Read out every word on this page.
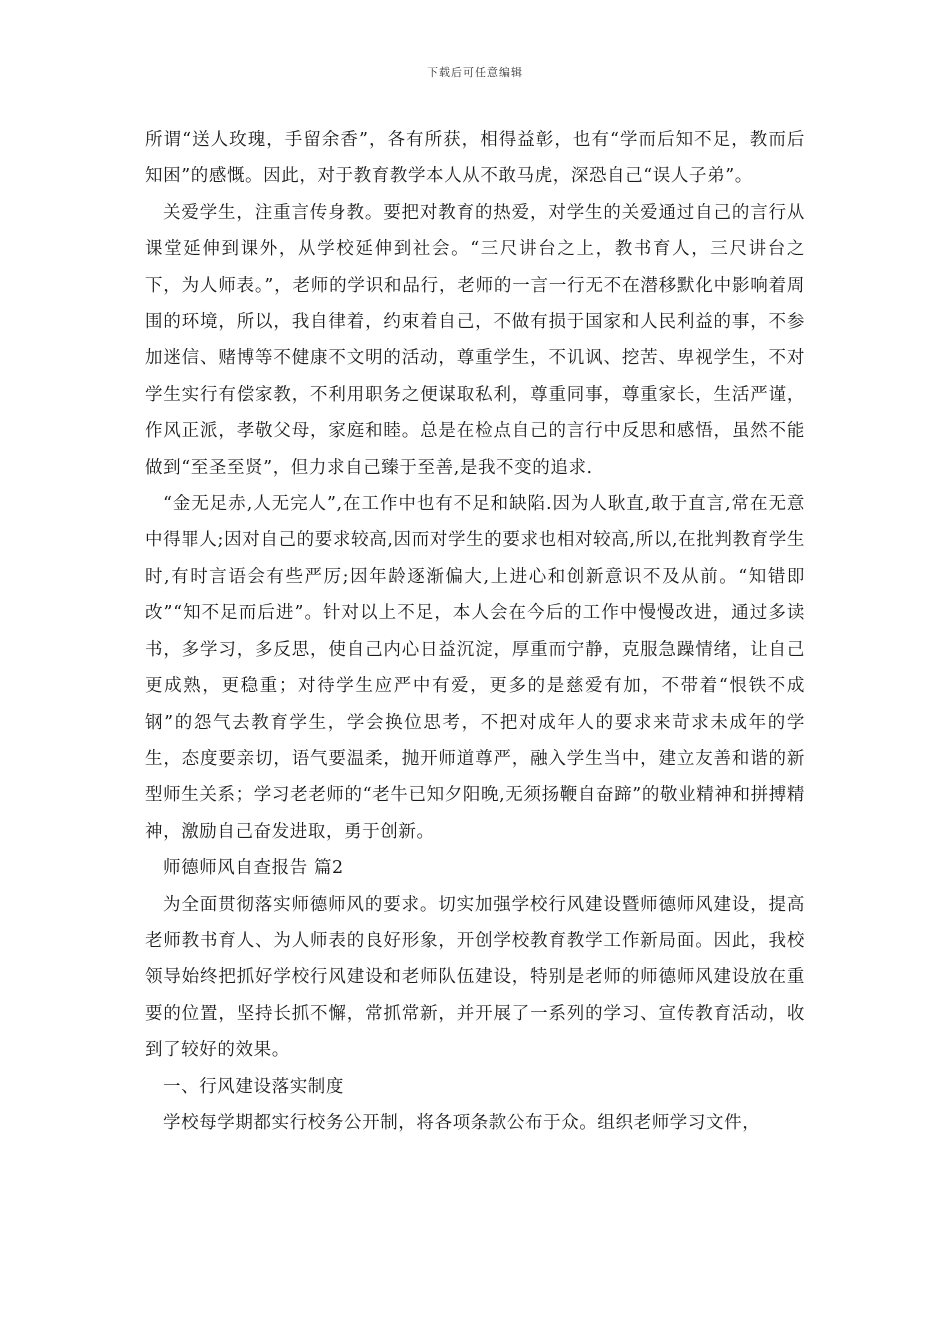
下载后可任意编辑

所谓“送人玫瑰，手留余香”，各有所获，相得益彰，也有“学而后知不足，教而后知困”的感慨。因此，对于教育教学本人从不敢马虎，深恐自己“误人子弟”。

关爱学生，注重言传身教。要把对教育的热爱，对学生的关爱通过自己的言行从课堂延伸到课外，从学校延伸到社会。“三尺讲台之上，教书育人，三尺讲台之下，为人师表。”，老师的学识和品行，老师的一言一行无不在潜移默化中影响着周围的环境，所以，我自律着，约束着自己，不做有损于国家和人民利益的事，不参加迷信、赌博等不健康不文明的活动，尊重学生，不讥讽、挖苦、卑视学生，不对学生实行有偿家教，不利用职务之便谋取私利，尊重同事，尊重家长，生活严谨，作风正派，孝敬父母，家庭和睦。总是在检点自己的言行中反思和感悟，虽然不能做到“至圣至贤”，但力求自己臻于至善,是我不变的追求.

“金无足赤,人无完人”,在工作中也有不足和缺陷.因为人耿直,敢于直言,常在无意中得罪人;因对自己的要求较高,因而对学生的要求也相对较高,所以,在批判教育学生时,有时言语会有些严厉;因年龄逐渐偏大,上进心和创新意识不及从前。“知错即改”“知不足而后进”。针对以上不足，本人会在今后的工作中慢慢改进，通过多读书，多学习，多反思，使自己内心日益沉淀，厚重而宁静，克服急躁情绪，让自己更成熟，更稳重；对待学生应严中有爱，更多的是慈爱有加，不带着“恨铁不成钢”的怨气去教育学生，学会换位思考，不把对成年人的要求来苛求未成年的学生，态度要亲切，语气要温柔，抛开师道尊严，融入学生当中，建立友善和谐的新型师生关系；学习老老师的“老牛已知夕阳晚,无须扬鞭自奋蹄”的敬业精神和拼搏精神，激励自己奋发进取，勇于创新。

师德师风自查报告 篇2

为全面贯彻落实师德师风的要求。切实加强学校行风建设暨师德师风建设，提高老师教书育人、为人师表的良好形象，开创学校教育教学工作新局面。因此，我校领导始终把抓好学校行风建设和老师队伍建设，特别是老师的师德师风建设放在重要的位置，坚持长抓不懈，常抓常新，并开展了一系列的学习、宣传教育活动，收到了较好的效果。

一、行风建设落实制度

学校每学期都实行校务公开制，将各项条款公布于众。组织老师学习文件，
